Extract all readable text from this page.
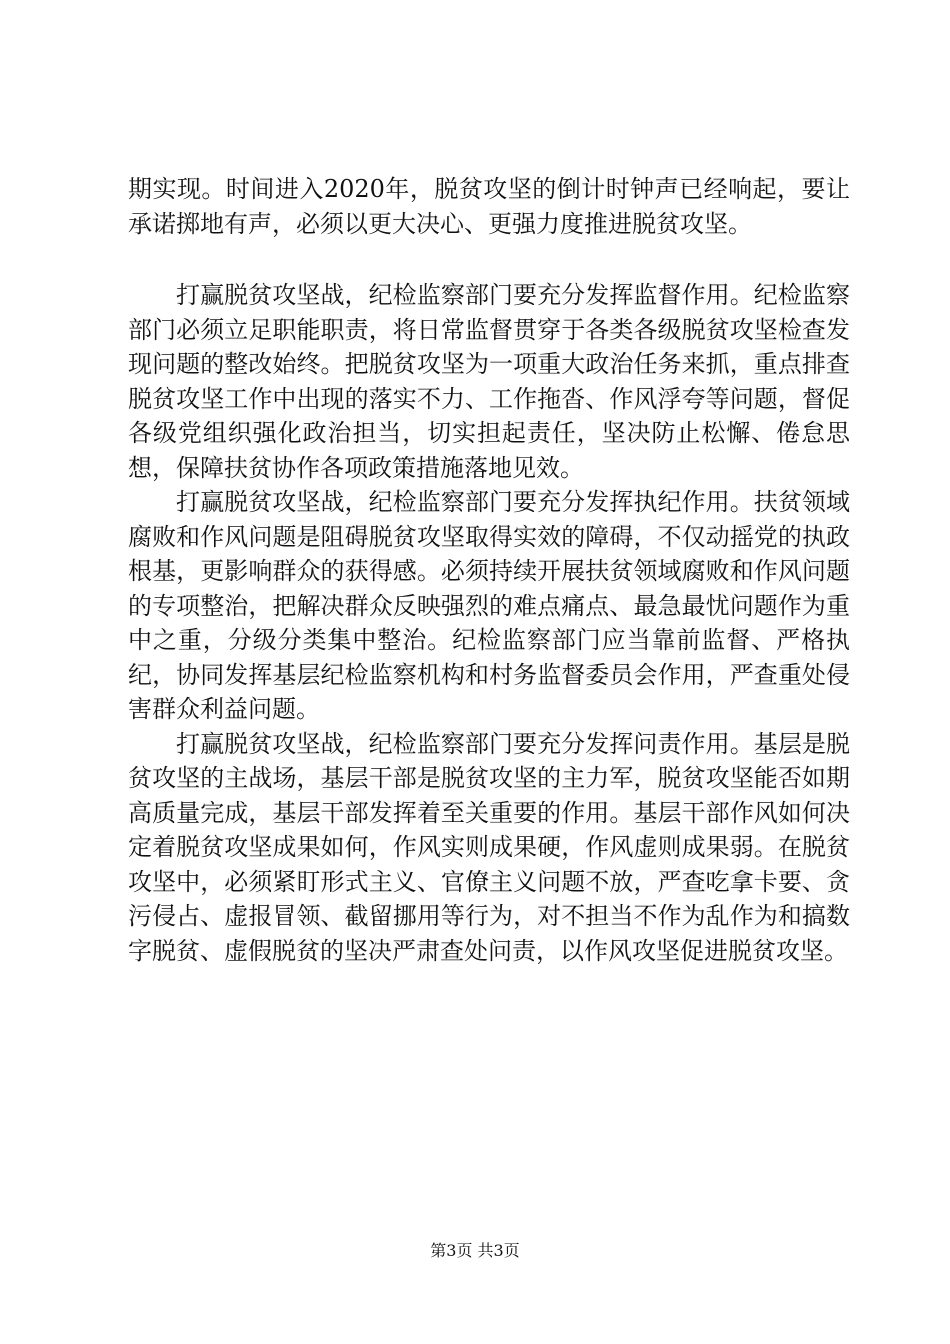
期实现。时间进入2020年，脱贫攻坚的倒计时钟声已经响起，要让承诺掷地有声，必须以更大决心、更强力度推进脱贫攻坚。

打赢脱贫攻坚战，纪检监察部门要充分发挥监督作用。纪检监察部门必须立足职能职责，将日常监督贯穿于各类各级脱贫攻坚检查发现问题的整改始终。把脱贫攻坚为一项重大政治任务来抓，重点排查脱贫攻坚工作中出现的落实不力、工作拖沓、作风浮夸等问题，督促各级党组织强化政治担当，切实担起责任，坚决防止松懈、倦怠思想，保障扶贫协作各项政策措施落地见效。

打赢脱贫攻坚战，纪检监察部门要充分发挥执纪作用。扶贫领域腐败和作风问题是阻碍脱贫攻坚取得实效的障碍，不仅动摇党的执政根基，更影响群众的获得感。必须持续开展扶贫领域腐败和作风问题的专项整治，把解决群众反映强烈的难点痛点、最急最忧问题作为重中之重，分级分类集中整治。纪检监察部门应当靠前监督、严格执纪，协同发挥基层纪检监察机构和村务监督委员会作用，严查重处侵害群众利益问题。

打赢脱贫攻坚战，纪检监察部门要充分发挥问责作用。基层是脱贫攻坚的主战场，基层干部是脱贫攻坚的主力军，脱贫攻坚能否如期高质量完成，基层干部发挥着至关重要的作用。基层干部作风如何决定着脱贫攻坚成果如何，作风实则成果硬，作风虚则成果弱。在脱贫攻坚中，必须紧盯形式主义、官僚主义问题不放，严查吃拿卡要、贪污侵占、虚报冒领、截留挪用等行为，对不担当不作为乱作为和搞数字脱贫、虚假脱贫的坚决严肃查处问责，以作风攻坚促进脱贫攻坚。

第3页 共3页
